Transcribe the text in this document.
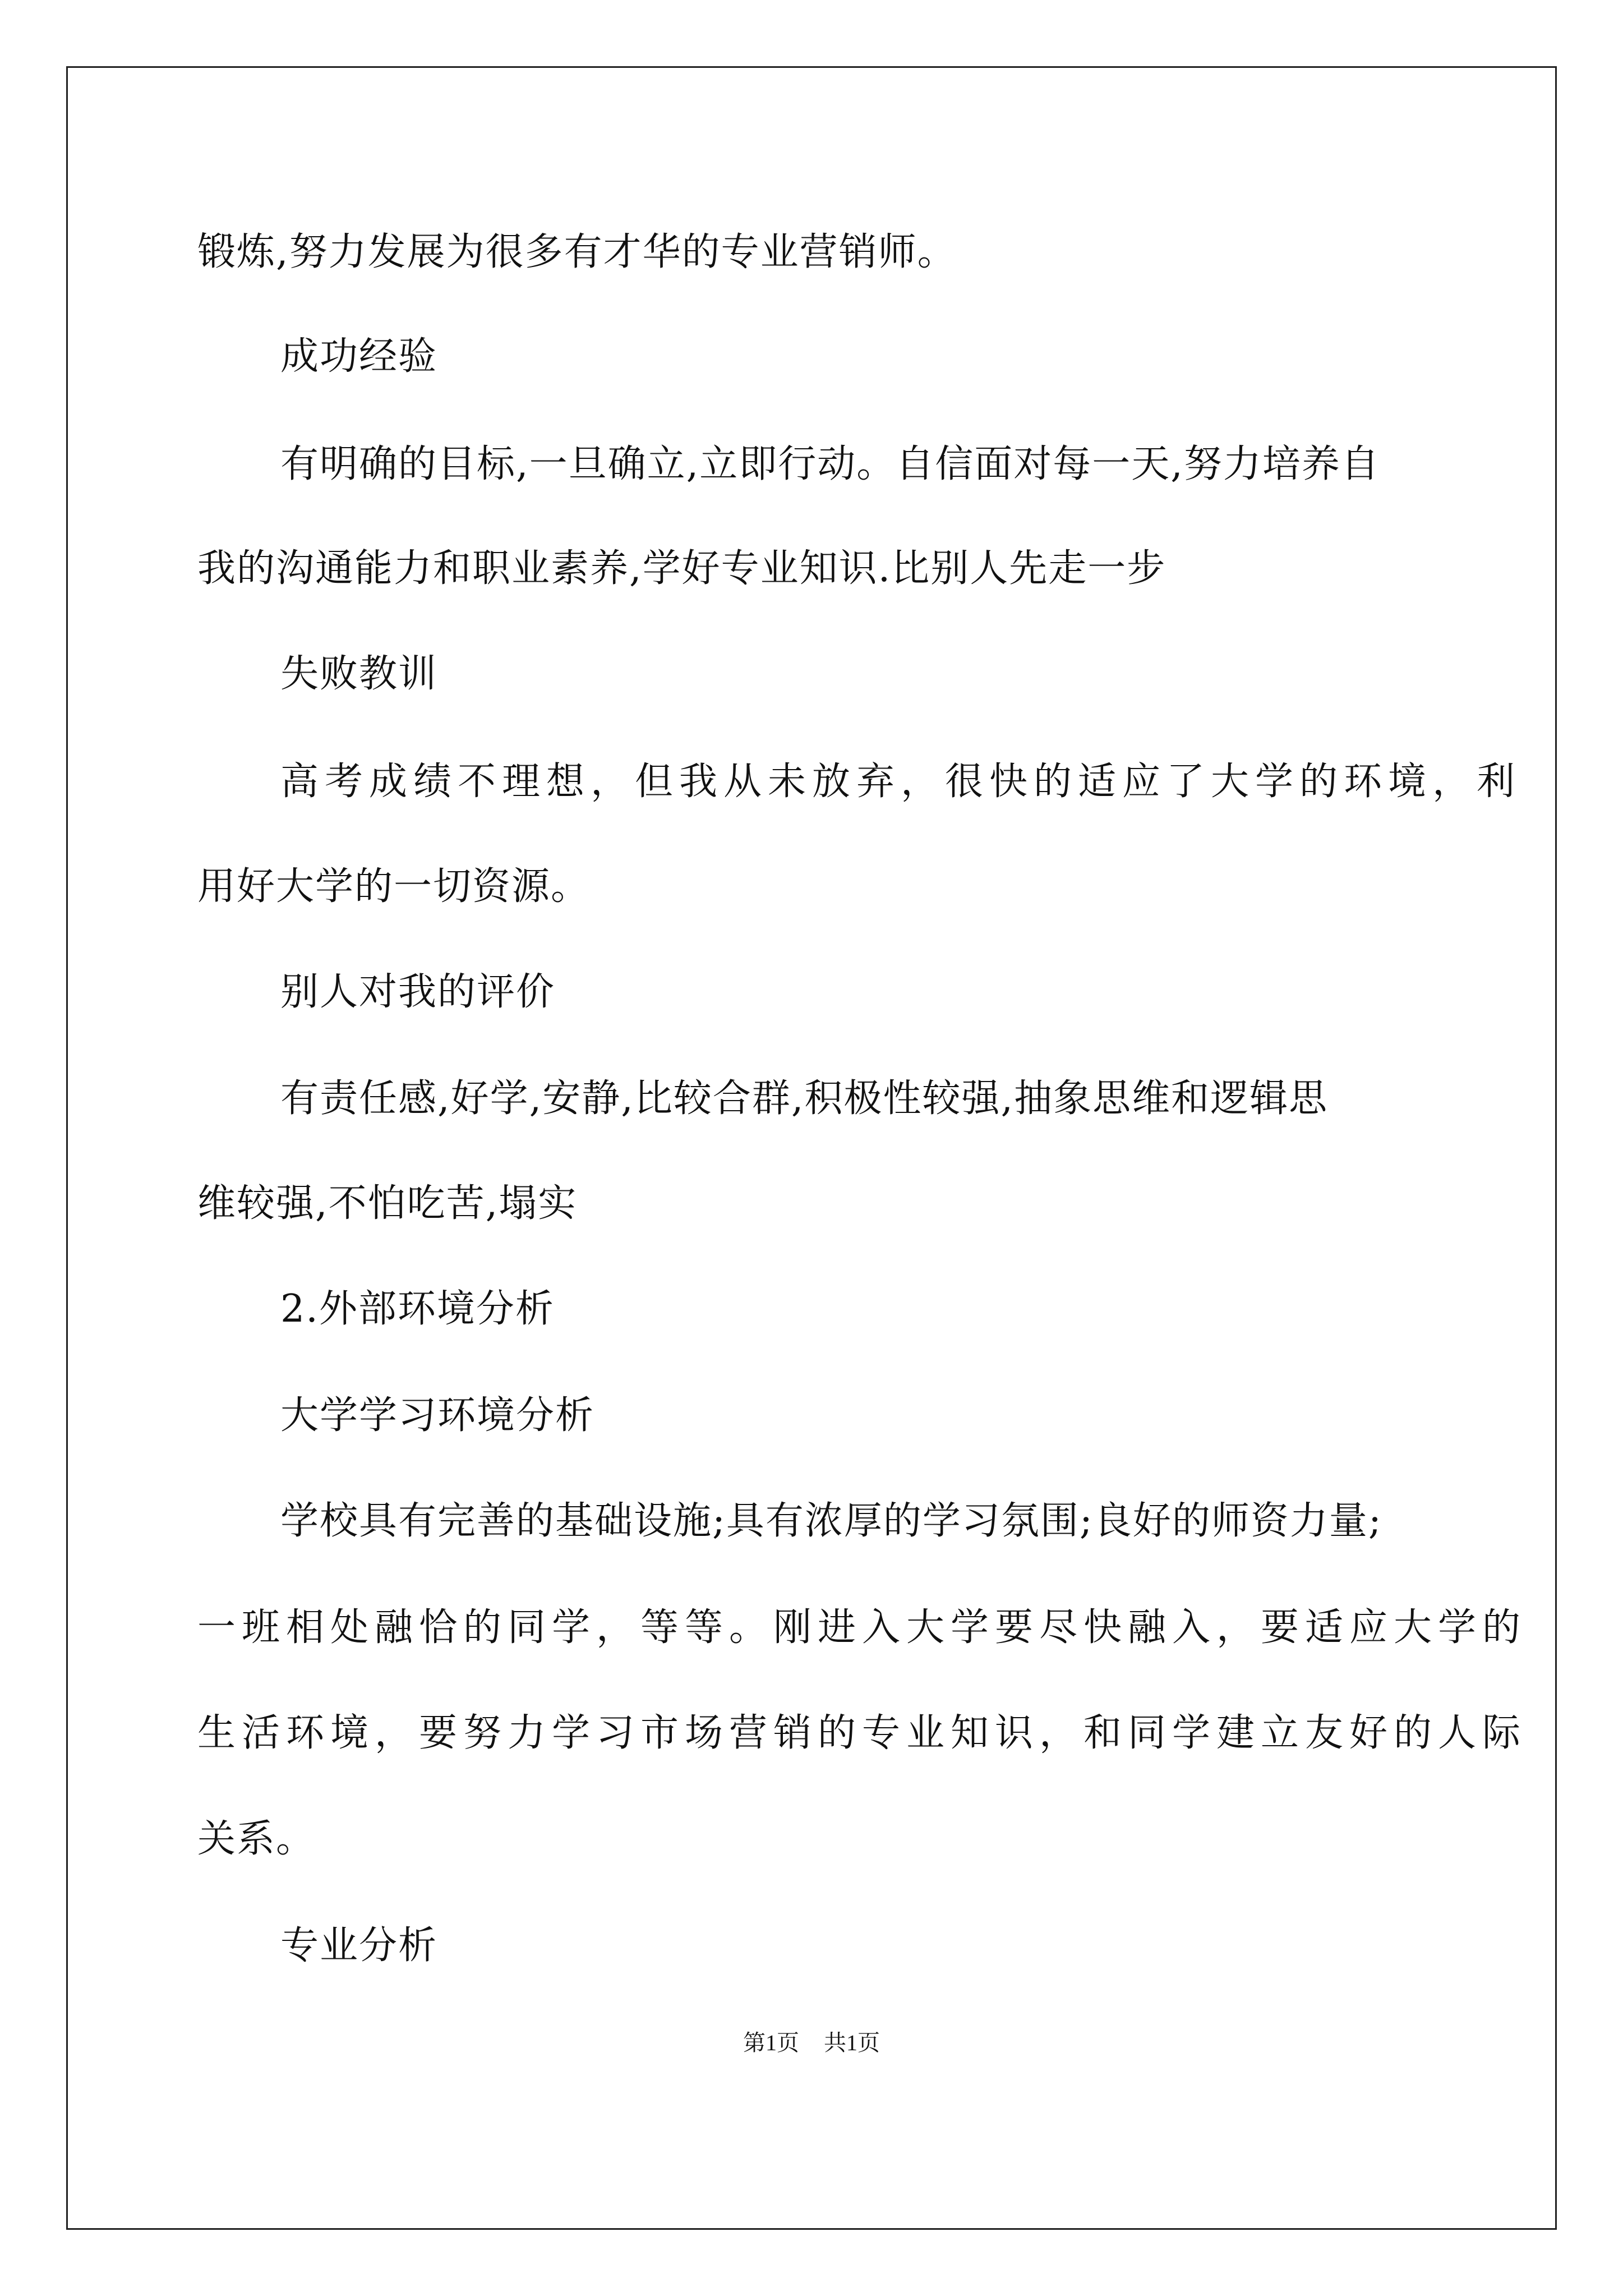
锻炼,努力发展为很多有才华的专业营销师。
成功经验
有明确的目标,一旦确立,立即行动。自信面对每一天,努力培养自
我的沟通能力和职业素养,学好专业知识.比别人先走一步
失败教训
高考成绩不理想，但我从未放弃，很快的适应了大学的环境，利
用好大学的一切资源。
别人对我的评价
有责任感,好学,安静,比较合群,积极性较强,抽象思维和逻辑思
维较强,不怕吃苦,塌实
2.外部环境分析
大学学习环境分析
学校具有完善的基础设施;具有浓厚的学习氛围;良好的师资力量;
一班相处融恰的同学，等等。刚进入大学要尽快融入，要适应大学的
生活环境，要努力学习市场营销的专业知识，和同学建立友好的人际
关系。
专业分析
第1页 共1页
